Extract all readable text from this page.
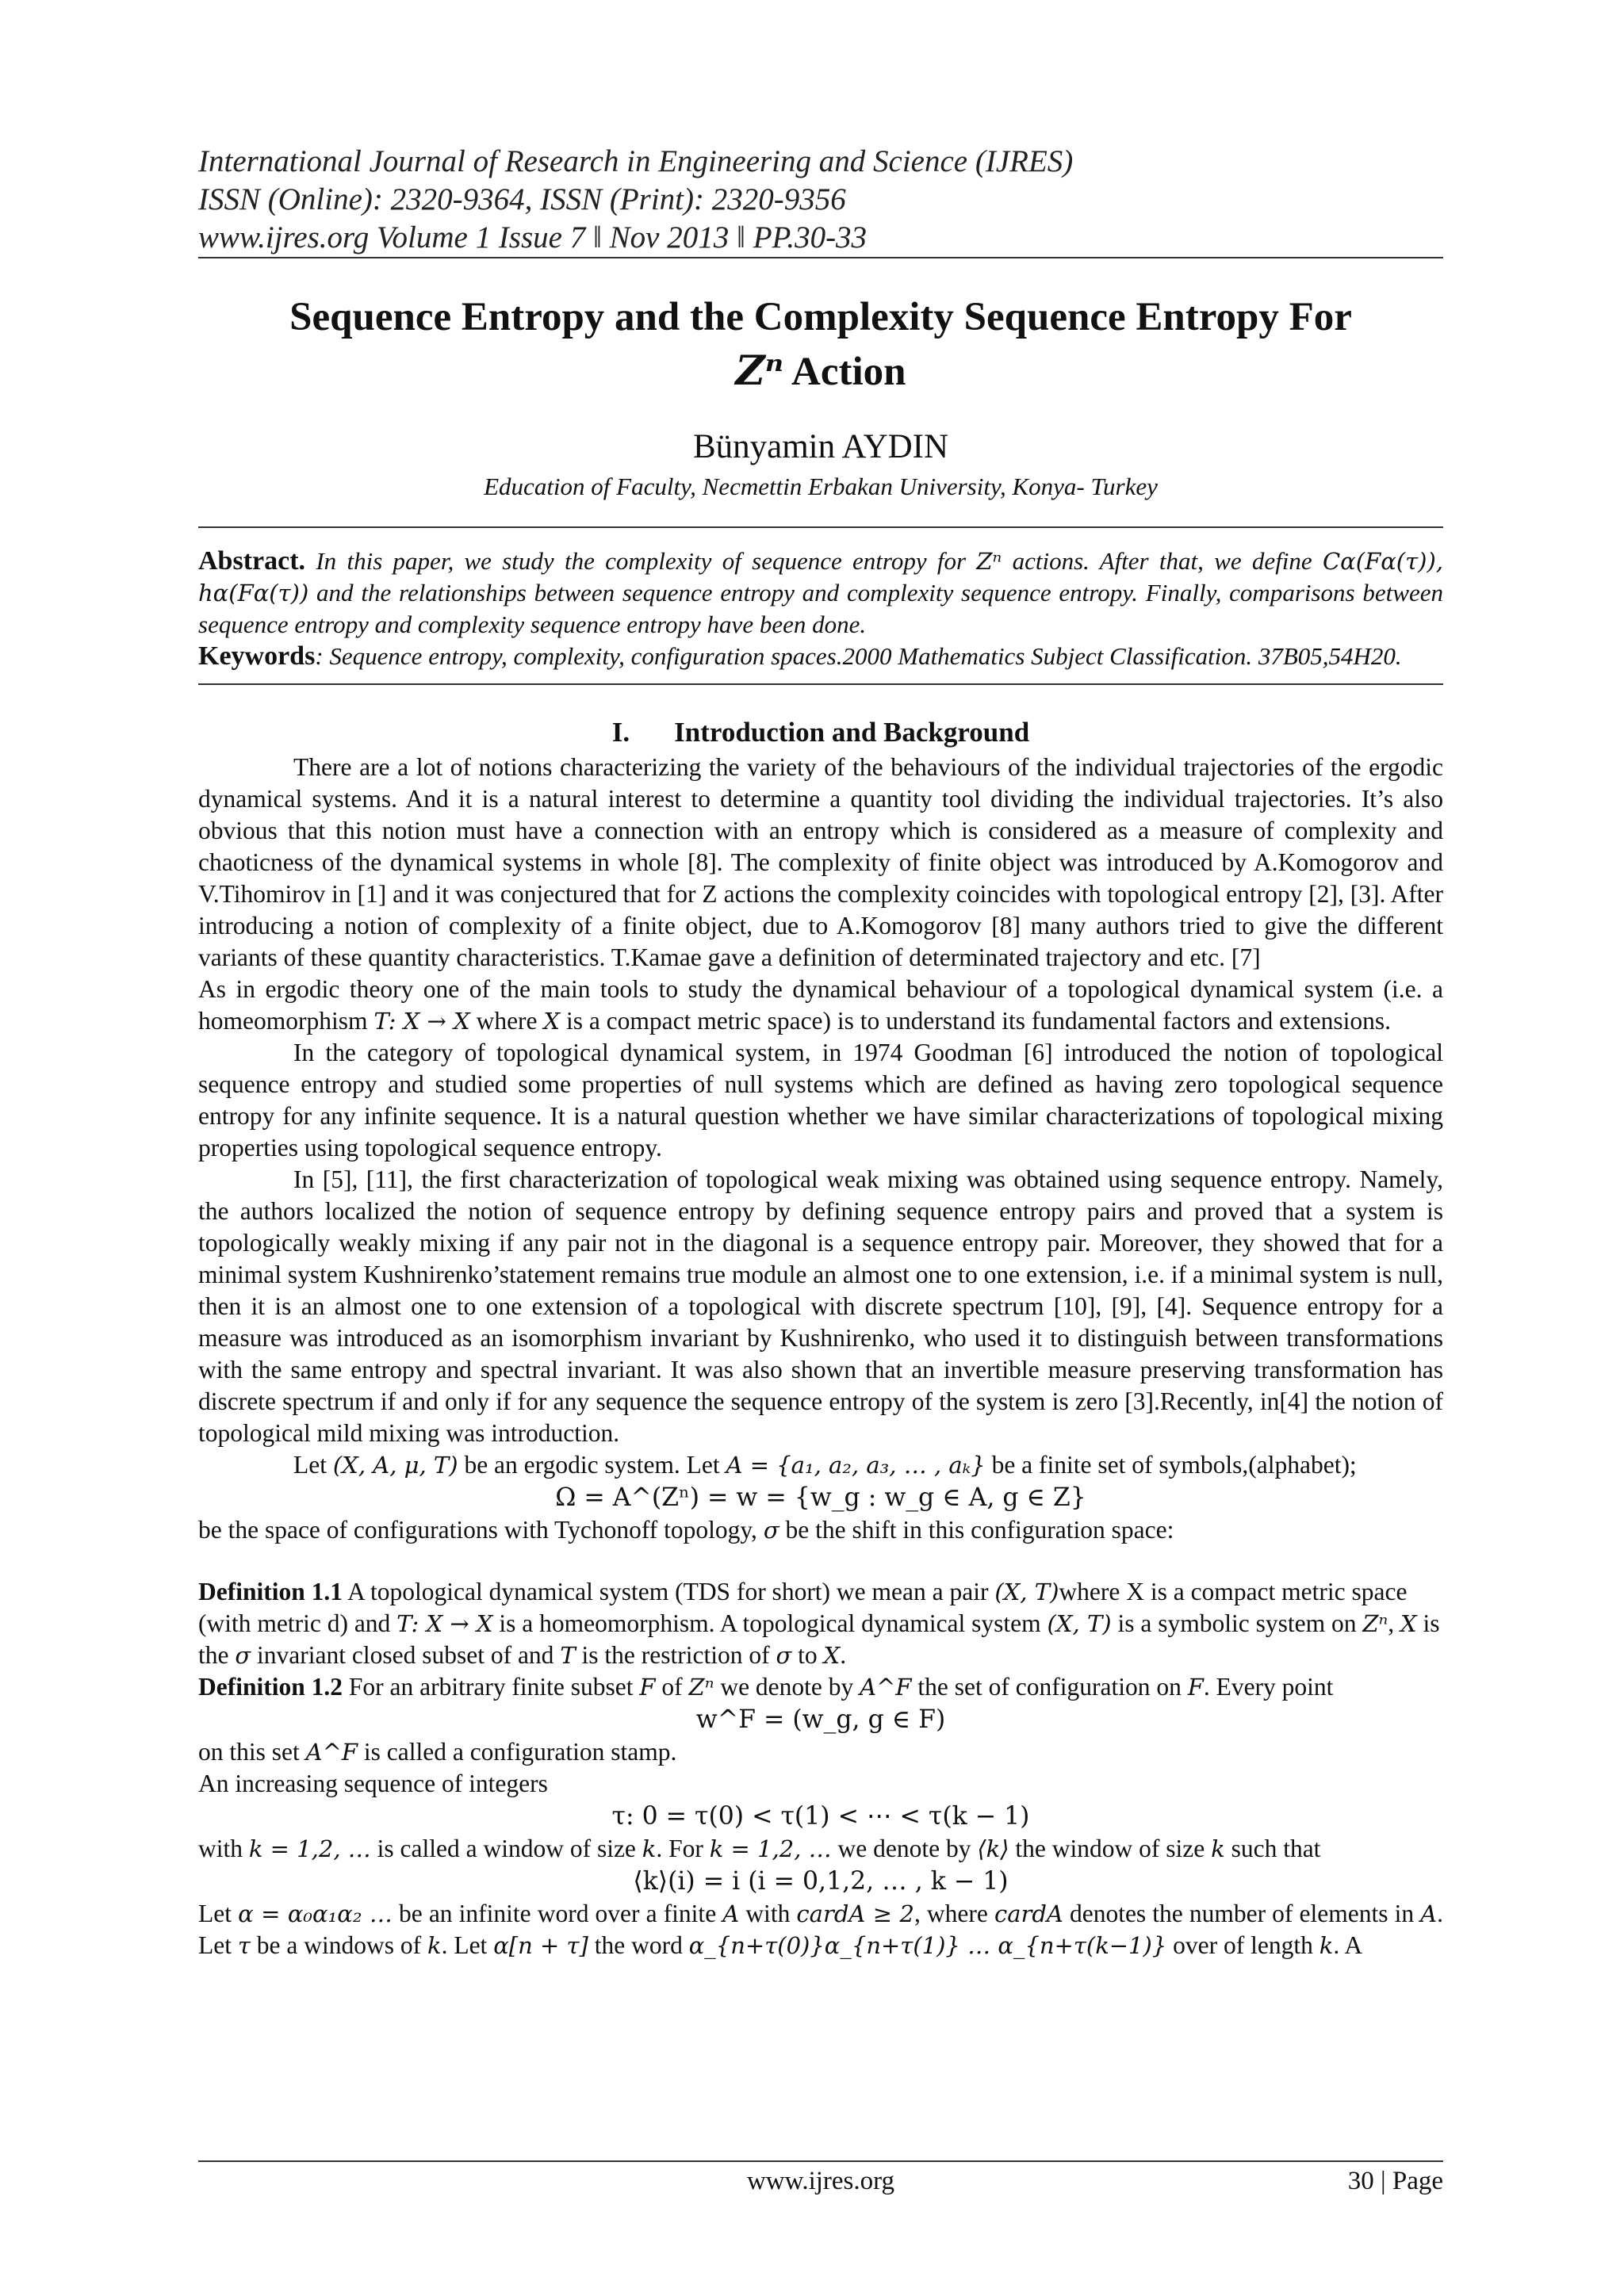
International Journal of Research in Engineering and Science (IJRES)
ISSN (Online): 2320-9364, ISSN (Print): 2320-9356
www.ijres.org Volume 1 Issue 7 ǁ Nov 2013 ǁ PP.30-33
Sequence Entropy and the Complexity Sequence Entropy For
Zⁿ Action
Bünyamin AYDIN
Education of Faculty, Necmettin Erbakan University, Konya- Turkey
Abstract. In this paper, we study the complexity of sequence entropy for Zⁿ actions. After that, we define Cα(Fα(τ)), hα(Fα(τ)) and the relationships between sequence entropy and complexity sequence entropy. Finally, comparisons between sequence entropy and complexity sequence entropy have been done.
Keywords: Sequence entropy, complexity, configuration spaces.2000 Mathematics Subject Classification. 37B05,54H20.
I. Introduction and Background

There are a lot of notions characterizing the variety of the behaviours of the individual trajectories of the ergodic dynamical systems. And it is a natural interest to determine a quantity tool dividing the individual trajectories. It’s also obvious that this notion must have a connection with an entropy which is considered as a measure of complexity and chaoticness of the dynamical systems in whole [8]. The complexity of finite object was introduced by A.Komogorov and V.Tihomirov in [1] and it was conjectured that for Z actions the complexity coincides with topological entropy [2], [3]. After introducing a notion of complexity of a finite object, due to A.Komogorov [8] many authors tried to give the different variants of these quantity characteristics. T.Kamae gave a definition of determinated trajectory and etc. [7]

As in ergodic theory one of the main tools to study the dynamical behaviour of a topological dynamical system (i.e. a homeomorphism T: X → X where X is a compact metric space) is to understand its fundamental factors and extensions.

In the category of topological dynamical system, in 1974 Goodman [6] introduced the notion of topological sequence entropy and studied some properties of null systems which are defined as having zero topological sequence entropy for any infinite sequence. It is a natural question whether we have similar characterizations of topological mixing properties using topological sequence entropy.

In [5], [11], the first characterization of topological weak mixing was obtained using sequence entropy. Namely, the authors localized the notion of sequence entropy by defining sequence entropy pairs and proved that a system is topologically weakly mixing if any pair not in the diagonal is a sequence entropy pair. Moreover, they showed that for a minimal system Kushnirenko’statement remains true module an almost one to one extension, i.e. if a minimal system is null, then it is an almost one to one extension of a topological with discrete spectrum [10], [9], [4]. Sequence entropy for a measure was introduced as an isomorphism invariant by Kushnirenko, who used it to distinguish between transformations with the same entropy and spectral invariant. It was also shown that an invertible measure preserving transformation has discrete spectrum if and only if for any sequence the sequence entropy of the system is zero [3].Recently, in[4] the notion of topological mild mixing was introduction.

Let (X, A, μ, T) be an ergodic system. Let A = {a₁, a₂, a₃, … , aₖ} be a finite set of symbols,(alphabet);

Ω = A^(Zⁿ) = w = {w_g : w_g ∈ A, g ∈ Z}

be the space of configurations with Tychonoff topology, σ be the shift in this configuration space:

Definition 1.1 A topological dynamical system (TDS for short) we mean a pair (X, T)where X is a compact metric space (with metric d) and T: X → X is a homeomorphism. A topological dynamical system (X, T) is a symbolic system on Zⁿ, X is the σ invariant closed subset of and T is the restriction of σ to X.

Definition 1.2 For an arbitrary finite subset F of Zⁿ we denote by A^F the set of configuration on F. Every point

w^F = (w_g, g ∈ F)

on this set A^F is called a configuration stamp.

An increasing sequence of integers

τ: 0 = τ(0) < τ(1) < ⋯ < τ(k − 1)

with k = 1,2, … is called a window of size k. For k = 1,2, … we denote by ⟨k⟩ the window of size k such that

⟨k⟩(i) = i (i = 0,1,2, … , k − 1)

Let α = α₀α₁α₂ … be an infinite word over a finite A with cardA ≥ 2, where cardA denotes the number of elements in A. Let τ be a windows of k. Let α[n + τ] the word α_{n+τ(0)}α_{n+τ(1)} … α_{n+τ(k−1)} over of length k. A

www.ijres.org	30 | Page
